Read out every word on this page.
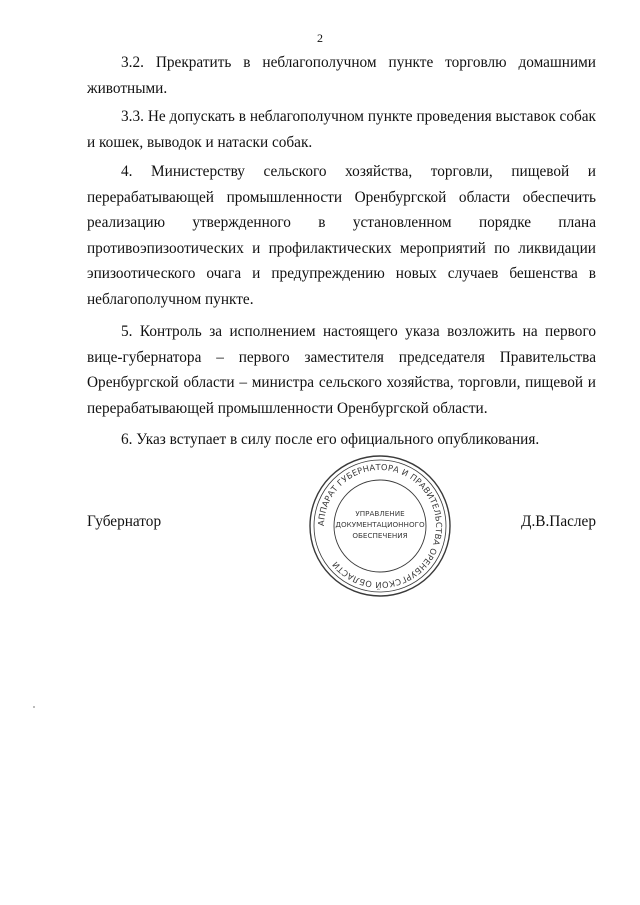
2

3.2. Прекратить в неблагополучном пункте торговлю домашними животными.

3.3. Не допускать в неблагополучном пункте проведения выставок собак и кошек, выводок и натаски собак.

4. Министерству сельского хозяйства, торговли, пищевой и перерабатывающей промышленности Оренбургской области обеспечить реализацию утвержденного в установленном порядке плана противоэпизоотических и профилактических мероприятий по ликвидации эпизоотического очага и предупреждению новых случаев бешенства в неблагополучном пункте.

5. Контроль за исполнением настоящего указа возложить на первого вице-губернатора – первого заместителя председателя Правительства Оренбургской области – министра сельского хозяйства, торговли, пищевой и перерабатывающей промышленности Оренбургской области.

6. Указ вступает в силу после его официального опубликования.

Губернатор	Д.В.Паслер
АППАРАТ ГУБЕРНАТОРА И ПРАВИТЕЛЬСТВА ОРЕНБУРГСКОЙ ОБЛАСТИ
УПРАВЛЕНИЕ
ДОКУМЕНТАЦИОННОГО
ОБЕСПЕЧЕНИЯ
